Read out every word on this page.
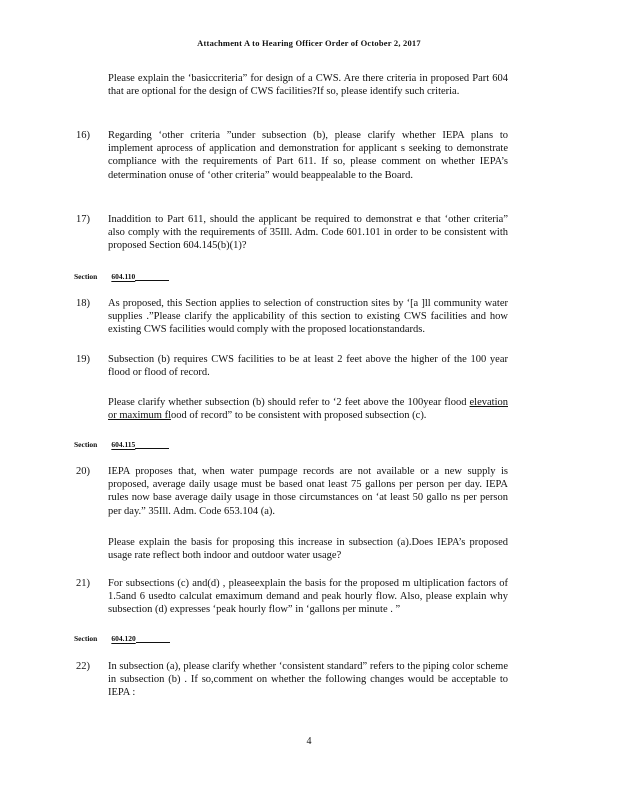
Attachment A to Hearing Officer Order of October 2, 2017

Please explain the ‘basiccriteria” for design of a CWS. Are there criteria in proposed Part 604 that are optional for the design of CWS facilities?If so, please identify such criteria.

16) Regarding ‘other criteria ”under subsection (b), please clarify whether IEPA plans to implement aprocess of application and demonstration for applicant s seeking to demonstrate compliance with the requirements of Part 611. If so, please comment on whether IEPA’s determination onuse of ‘other criteria” would beappealable to the Board.

17) Inaddition to Part 611, should the applicant be required to demonstrat e that ‘other criteria” also comply with the requirements of 35Ill. Adm. Code 601.101 in order to be consistent with proposed Section 604.145(b)(1)?

Section 604.110
18) As proposed, this Section applies to selection of construction sites by ‘[a ]ll community water supplies .”Please clarify the applicability of this section to existing CWS facilities and how existing CWS facilities would comply with the proposed locationstandards.

19) Subsection (b) requires CWS facilities to be at least 2 feet above the higher of the 100 year flood or flood of record.

Please clarify whether subsection (b) should refer to ‘2 feet above the 100year flood elevation or maximum flood of record” to be consistent with proposed subsection (c).

Section 604.115
20) IEPA proposes that, when water pumpage records are not available or a new supply is proposed, average daily usage must be based onat least 75 gallons per person per day. IEPA rules now base average daily usage in those circumstances on ‘at least 50 gallo ns per person per day.” 35Ill. Adm. Code 653.104 (a).

Please explain the basis for proposing this increase in subsection (a).Does IEPA’s proposed usage rate reflect both indoor and outdoor water usage?

21) For subsections (c) and(d) , pleaseexplain the basis for the proposed m ultiplication factors of 1.5and 6 usedto calculat emaximum demand and peak hourly flow. Also, please explain why subsection (d) expresses ‘peak hourly flow” in ‘gallons per minute . ”

Section 604.120
22) In subsection (a), please clarify whether ‘consistent standard” refers to the piping color scheme in subsection (b) . If so,comment on whether the following changes would be acceptable to IEPA :

4
